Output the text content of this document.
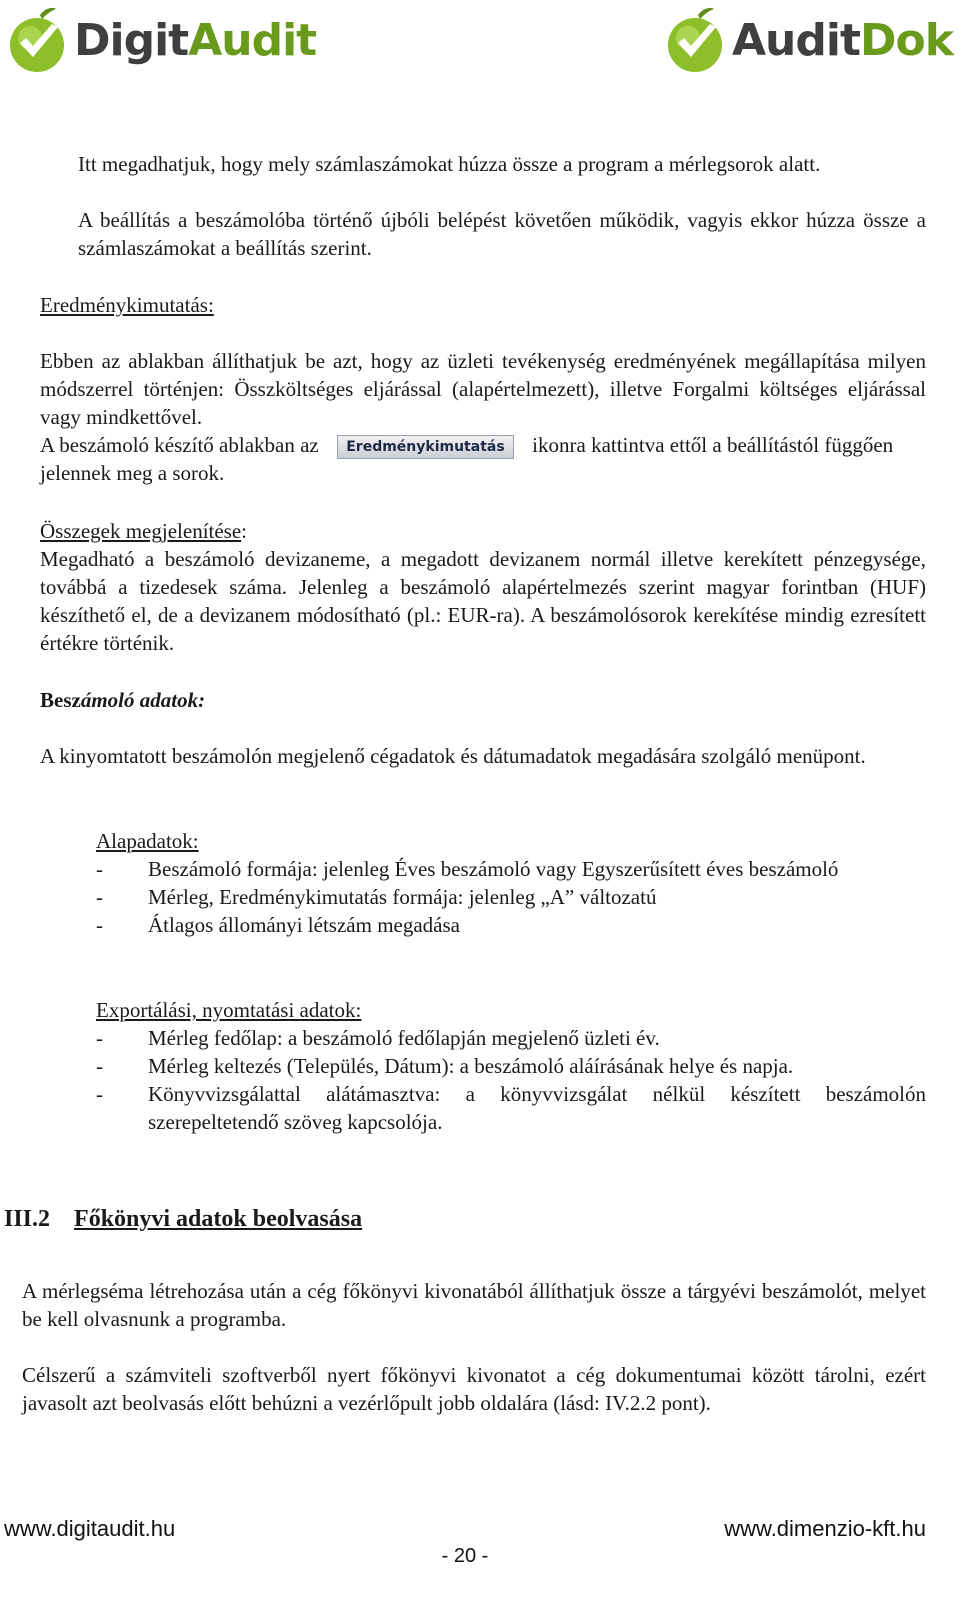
DigitAudit	AuditDok
Itt megadhatjuk, hogy mely számlaszámokat húzza össze a program a mérlegsorok alatt.
A beállítás a beszámolóba történő újbóli belépést követően működik, vagyis ekkor húzza össze a számlaszámokat a beállítás szerint.
Eredménykimutatás:
Ebben az ablakban állíthatjuk be azt, hogy az üzleti tevékenység eredményének megállapítása milyen módszerrel történjen: Összköltséges eljárással (alapértelmezett), illetve Forgalmi költséges eljárással vagy mindkettővel.
A beszámoló készítő ablakban az Eredménykimutatás ikonra kattintva ettől a beállítástól függően jelennek meg a sorok.
Összegek megjelenítése:
Megadható a beszámoló devizaneme, a megadott devizanem normál illetve kerekített pénzegysége, továbbá a tizedesek száma. Jelenleg a beszámoló alapértelmezés szerint magyar forintban (HUF) készíthető el, de a devizanem módosítható (pl.: EUR-ra). A beszámolósorok kerekítése mindig ezresített értékre történik.
Beszámoló adatok:
A kinyomtatott beszámolón megjelenő cégadatok és dátumadatok megadására szolgáló menüpont.
Alapadatok:
-	Beszámoló formája: jelenleg Éves beszámoló vagy Egyszerűsített éves beszámoló
-	Mérleg, Eredménykimutatás formája: jelenleg „A” változatú
-	Átlagos állományi létszám megadása
Exportálási, nyomtatási adatok:
-	Mérleg fedőlap: a beszámoló fedőlapján megjelenő üzleti év.
-	Mérleg keltezés (Település, Dátum): a beszámoló aláírásának helye és napja.
-	Könyvvizsgálattal alátámasztva: a könyvvizsgálat nélkül készített beszámolón szerepeltetendő szöveg kapcsolója.
III.2 Főkönyvi adatok beolvasása
A mérlegséma létrehozása után a cég főkönyvi kivonatából állíthatjuk össze a tárgyévi beszámolót, melyet be kell olvasnunk a programba.
Célszerű a számviteli szoftverből nyert főkönyvi kivonatot a cég dokumentumai között tárolni, ezért javasolt azt beolvasás előtt behúzni a vezérlőpult jobb oldalára (lásd: IV.2.2 pont).
www.digitaudit.hu	www.dimenzio-kft.hu
- 20 -
